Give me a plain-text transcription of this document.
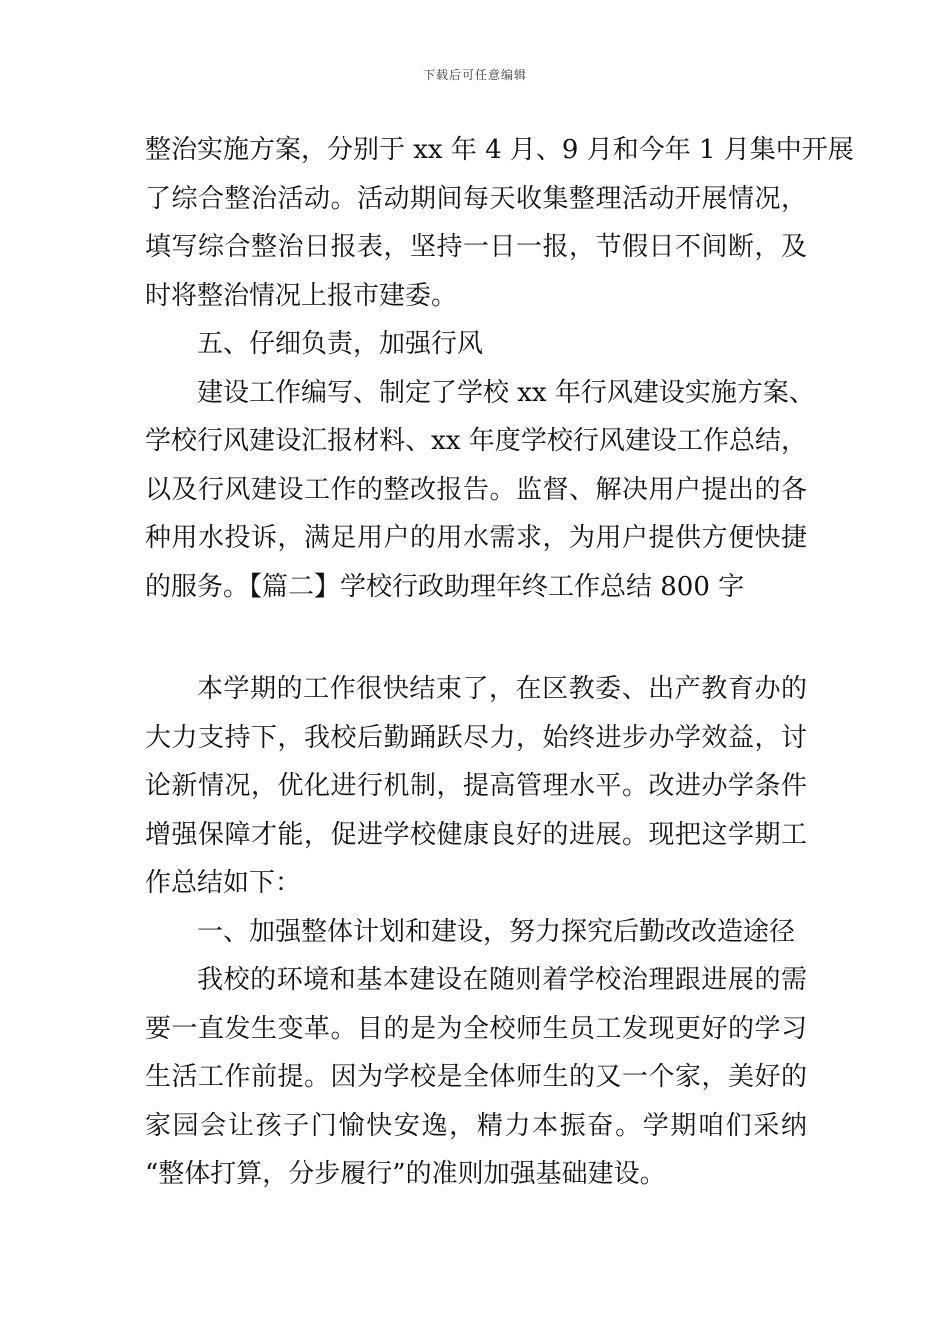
下载后可任意编辑
整治实施方案，分别于 xx 年 4 月、9 月和今年 1 月集中开展
了综合整治活动。活动期间每天收集整理活动开展情况，
填写综合整治日报表，坚持一日一报，节假日不间断，及
时将整治情况上报市建委。
五、仔细负责，加强行风
建设工作编写、制定了学校 xx 年行风建设实施方案、
学校行风建设汇报材料、xx 年度学校行风建设工作总结，
以及行风建设工作的整改报告。监督、解决用户提出的各
种用水投诉，满足用户的用水需求，为用户提供方便快捷
的服务。【篇二】学校行政助理年终工作总结 800 字
本学期的工作很快结束了，在区教委、出产教育办的
大力支持下，我校后勤踊跃尽力，始终进步办学效益，讨
论新情况，优化进行机制，提高管理水平。改进办学条件
增强保障才能，促进学校健康良好的进展。现把这学期工
作总结如下：
一、加强整体计划和建设，努力探究后勤改改造途径
我校的环境和基本建设在随则着学校治理跟进展的需
要一直发生变革。目的是为全校师生员工发现更好的学习
生活工作前提。因为学校是全体师生的又一个家，美好的
家园会让孩子门愉快安逸，精力本振奋。学期咱们采纳
“整体打算，分步履行”的准则加强基础建设。
